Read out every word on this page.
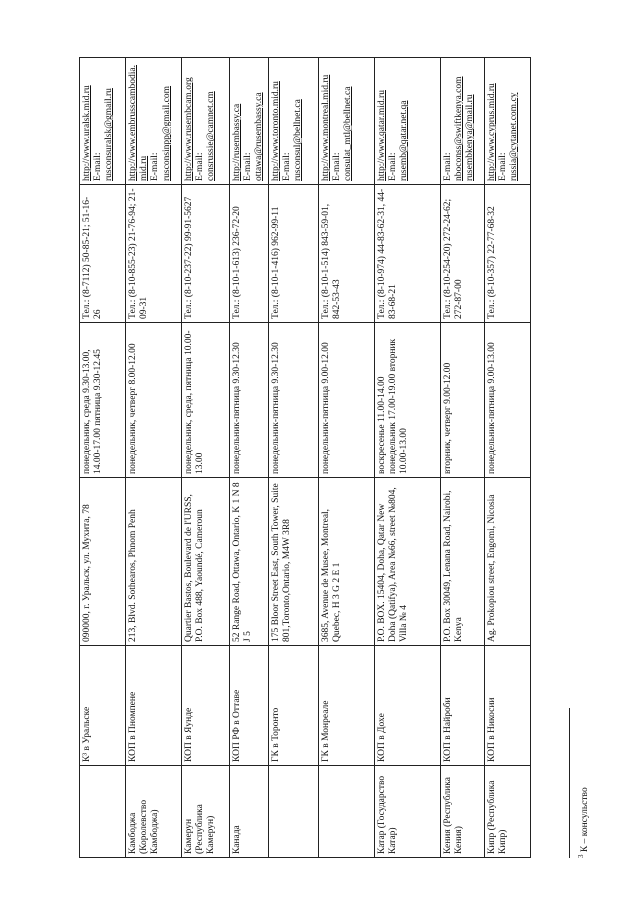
	К³ в Уральске	090000, г. Уральск, ул. Мухита, 78	понедельник, среда 9.30-13.00, 14.00-17.00 пятница 9.30-12.45	Тел.: (8-7112) 50-85-21; 51-16-26	http://www.uralsk.mid.ru E-mail: rusconsuralsk@gmail.ru

Камбоджа (Королевство Камбоджа)	КОП в Пномпене	213, Blvd. Sothearos, Phnom Penh	понедельник, четверг 8.00-12.00	Тел.: (8-10-855-23) 21-76-94; 21-09-31	http://www.embrusscambodia.mid.ru E-mail: rusconsinpp@gmail.com

Камерун (Республика Камерун)	КОП в Яунде	Quartier Bastos, Boulevard de l'URSS, P.O. Box 488, Yaoundé, Cameroun	понедельник, среда, пятница 10.00-13.00	Тел.: (8-10-237-22) 99-91-5627	http://www.rusembcam.org E-mail: consrussie@camnet.cm

Канада	КОП РФ в Оттаве	52 Range Road, Ottawa, Ontario, K 1 N 8 J 5	понедельник-пятница 9.30-12.30	Тел.: (8-10-1-613) 236-72-20	http://rusembassy.ca E-mail: ottawa@rusembassy.ca

	ГК в Торонто	175 Bloor Street East, South Tower, Suite 801,Toronto,Ontario, M4W 3R8	понедельник-пятница 9.30-12.30	Тел.: (8-10-1-416) 962-99-11	http://www.toronto.mid.ru E-mail: rusconsul@bellnet.ca

	ГК в Монреале	3685, Avenue de Musee, Montreal, Quebec, H 3 G 2 E 1	понедельник-пятница 9.00-12.00	Тел.: (8-10-1-514) 843-59-01, 842-53-43	http://www.montreal.mid.ru E-mail: consulat_mtl@bellnet.ca

Катар (Государство Катар)	КОП в Дохе	P.O. BOX. 15404, Doha, Qatar New Doha (Qatifya), Area №66, street №804, Villa № 4	воскресенье 11.00-14.00 понедельник 17.00-19.00 вторник 10.00-13.00	Тел.: (8-10-974) 44-83-62-31, 44-83-68-21	http://www.qatar.mid.ru E-mail: rusemb@qatar.net.qa

Кения (Республика Кения)	КОП в Найроби	P.O. Box 30049, Lenana Road, Nairobi, Kenya	вторник, четверг 9.00-12.00	Тел.: (8-10-254-20) 272-24-62; 272-87-00	E-mail: nboconss@swiftkenya.com rusembkenya@mail.ru

Кипр (Республика Кипр)	КОП в Никосии	Ag. Prokopiou street, Engomi, Nicosia	понедельник-пятница 9.00-13.00	Тел.: (8-10-357) 22-77-68-32	http://www.cyprus.mid.ru E-mail: russia@cytanet.com.cy
$^3$ К – консульство
